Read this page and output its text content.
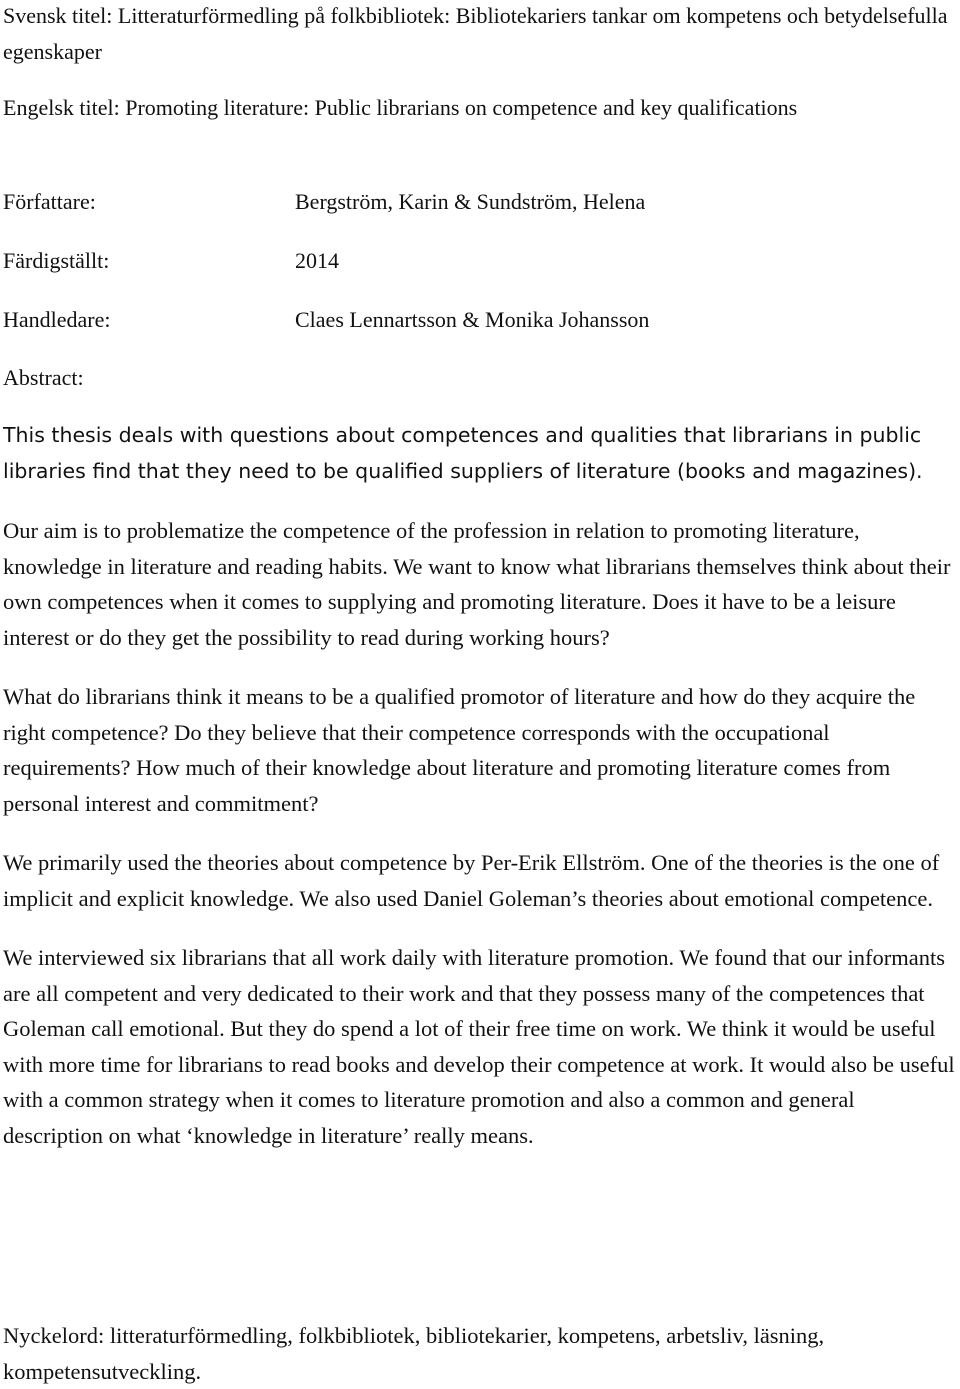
Svensk titel: Litteraturförmedling på folkbibliotek: Bibliotekariers tankar om kompetens och betydelsefulla egenskaper

Engelsk titel: Promoting literature: Public librarians on competence and key qualifications

Författare:	Bergström, Karin & Sundström, Helena
Färdigställt:	2014
Handledare:	Claes Lennartsson & Monika Johansson
Abstract:

This thesis deals with questions about competences and qualities that librarians in public libraries find that they need to be qualified suppliers of literature (books and magazines).

Our aim is to problematize the competence of the profession in relation to promoting literature, knowledge in literature and reading habits. We want to know what librarians themselves think about their own competences when it comes to supplying and promoting literature. Does it have to be a leisure interest or do they get the possibility to read during working hours?

What do librarians think it means to be a qualified promotor of literature and how do they acquire the right competence? Do they believe that their competence corresponds with the occupational requirements? How much of their knowledge about literature and promoting literature comes from personal interest and commitment?

We primarily used the theories about competence by Per-Erik Ellström. One of the theories is the one of implicit and explicit knowledge. We also used Daniel Goleman’s theories about emotional competence.

We interviewed six librarians that all work daily with literature promotion. We found that our informants are all competent and very dedicated to their work and that they possess many of the competences that Goleman call emotional. But they do spend a lot of their free time on work. We think it would be useful with more time for librarians to read books and develop their competence at work. It would also be useful with a common strategy when it comes to literature promotion and also a common and general description on what ‘knowledge in literature’ really means.

Nyckelord: litteraturförmedling, folkbibliotek, bibliotekarier, kompetens, arbetsliv, läsning, kompetensutveckling.
